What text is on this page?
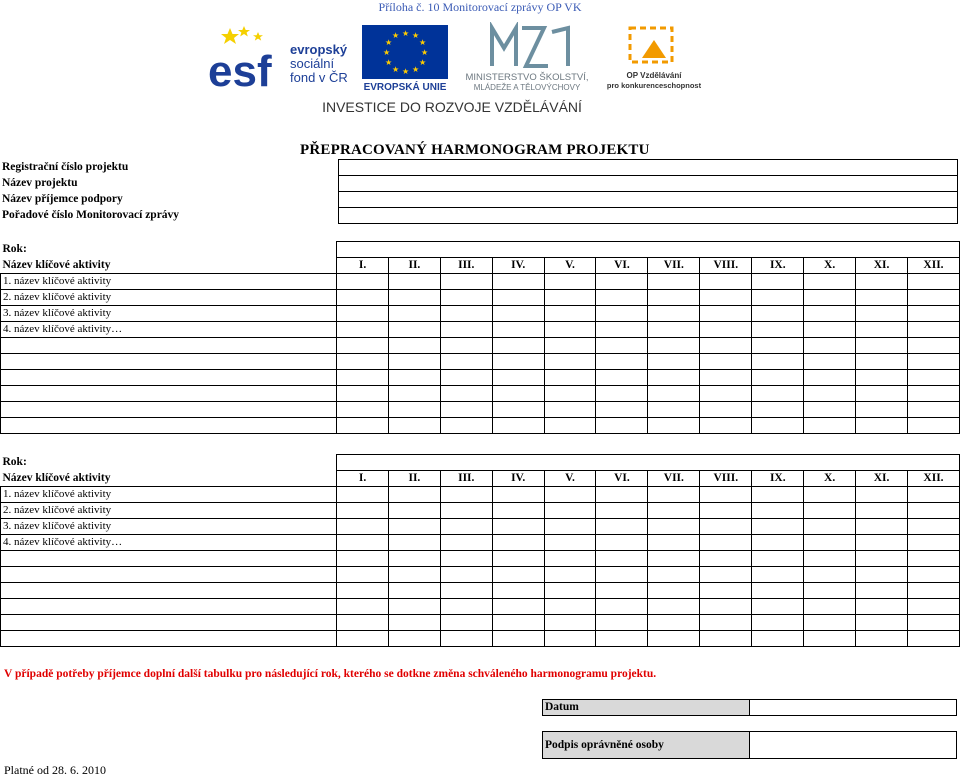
Příloha č. 10 Monitorovací zprávy OP VK
esf evropský
sociální
fond v ČR
★ ★
★
★
★
★
★
★
★
★
★
★
EVROPSKÁ UNIE
MINISTERSTVO ŠKOLSTVÍ,
MLÁDEŽE A TĚLOVÝCHOVY
OP Vzdělávání
pro konkurenceschopnost
INVESTICE DO ROZVOJE VZDĚLÁVÁNÍ
PŘEPRACOVANÝ HARMONOGRAM PROJEKTU
Registrační číslo projektu	
Název projektu	
Název příjemce podpory	
Pořadové číslo Monitorovací zprávy	
Rok:												
Název klíčové aktivity	I.	II.	III.	IV.	V.	VI.	VII.	VIII.	IX.	X.	XI.	XII.
1. název klíčové aktivity												
2. název klíčové aktivity												
3. název klíčové aktivity												
4. název klíčové aktivity…												

Rok:												
Název klíčové aktivity	I.	II.	III.	IV.	V.	VI.	VII.	VIII.	IX.	X.	XI.	XII.
1. název klíčové aktivity												
2. název klíčové aktivity												
3. název klíčové aktivity												
4. název klíčové aktivity…												

V případě potřeby příjemce doplní další tabulku pro následující rok, kterého se dotkne změna schváleného harmonogramu projektu.
Datum	

Podpis oprávněné osoby	
Platné od 28. 6. 2010
